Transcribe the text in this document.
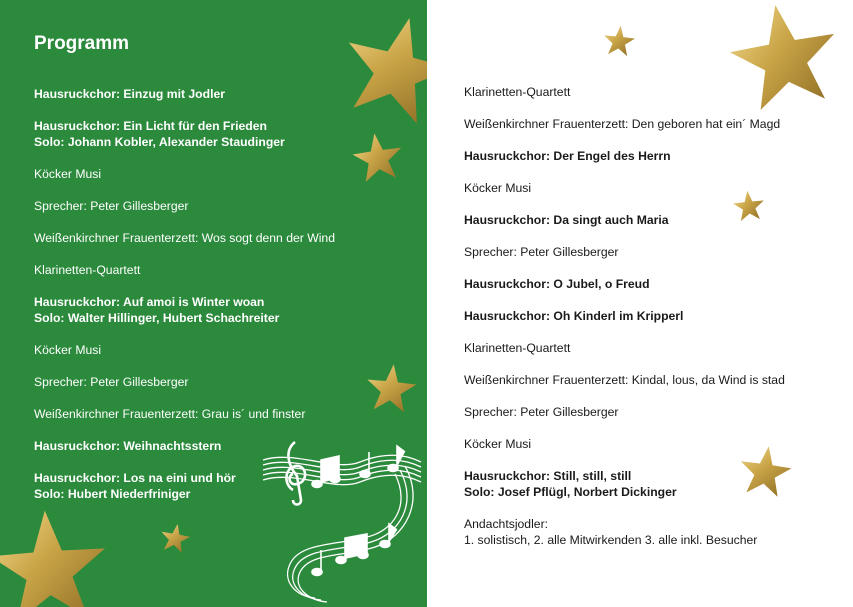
Programm
Hausruckchor: Einzug mit Jodler
Hausruckchor: Ein Licht für den Frieden
Solo: Johann Kobler, Alexander Staudinger
Köcker Musi
Sprecher: Peter Gillesberger
Weißenkirchner Frauenterzett: Wos sogt denn der Wind
Klarinetten-Quartett
Hausruckchor: Auf amoi is Winter woan
Solo: Walter Hillinger, Hubert Schachreiter
Köcker Musi
Sprecher: Peter Gillesberger
Weißenkirchner Frauenterzett: Grau is´ und finster
Hausruckchor: Weihnachtsstern
Hausruckchor: Los na eini und hör
Solo: Hubert Niederfriniger
Klarinetten-Quartett
Weißenkirchner Frauenterzett: Den geboren hat ein´ Magd
Hausruckchor: Der Engel des Herrn
Köcker Musi
Hausruckchor: Da singt auch Maria
Sprecher: Peter Gillesberger
Hausruckchor: O Jubel, o Freud
Hausruckchor: Oh Kinderl im Kripperl
Klarinetten-Quartett
Weißenkirchner Frauenterzett: Kindal, lous, da Wind is stad
Sprecher: Peter Gillesberger
Köcker Musi
Hausruckchor: Still, still, still
Solo: Josef Pflügl, Norbert Dickinger
Andachtsjodler:
1. solistisch, 2. alle Mitwirkenden 3. alle inkl. Besucher
